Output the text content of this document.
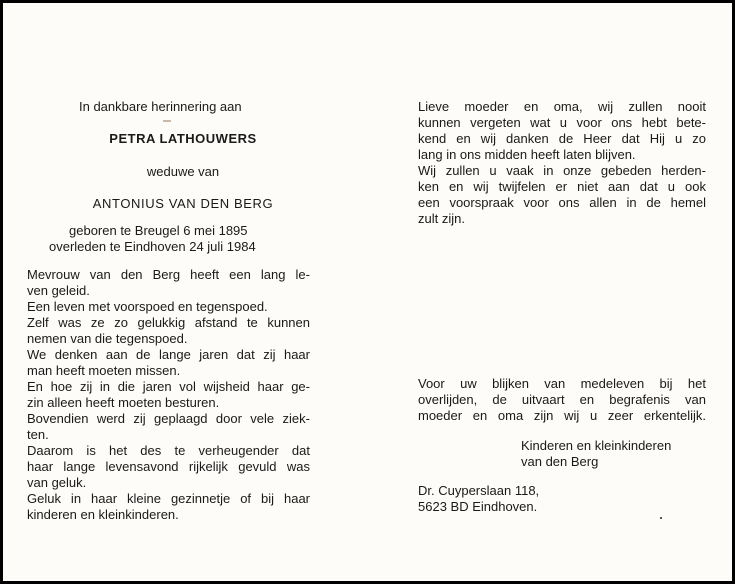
In dankbare herinnering aan
PETRA LATHOUWERS
weduwe van
ANTONIUS VAN DEN BERG
geboren te Breugel 6 mei 1895
overleden te Eindhoven 24 juli 1984
Mevrouw van den Berg heeft een lang le-
ven geleid.
Een leven met voorspoed en tegenspoed.
Zelf was ze zo gelukkig afstand te kunnen
nemen van die tegenspoed.
We denken aan de lange jaren dat zij haar
man heeft moeten missen.
En hoe zij in die jaren vol wijsheid haar ge-
zin alleen heeft moeten besturen.
Bovendien werd zij geplaagd door vele ziek-
ten.
Daarom is het des te verheugender dat
haar lange levensavond rijkelijk gevuld was
van geluk.
Geluk in haar kleine gezinnetje of bij haar
kinderen en kleinkinderen.
Lieve moeder en oma, wij zullen nooit
kunnen vergeten wat u voor ons hebt bete-
kend en wij danken de Heer dat Hij u zo
lang in ons midden heeft laten blijven.
Wij zullen u vaak in onze gebeden herden-
ken en wij twijfelen er niet aan dat u ook
een voorspraak voor ons allen in de hemel
zult zijn.
Voor uw blijken van medeleven bij het
overlijden, de uitvaart en begrafenis van
moeder en oma zijn wij u zeer erkentelijk.
Kinderen en kleinkinderen
van den Berg
Dr. Cuyperslaan 118,
5623 BD Eindhoven.
